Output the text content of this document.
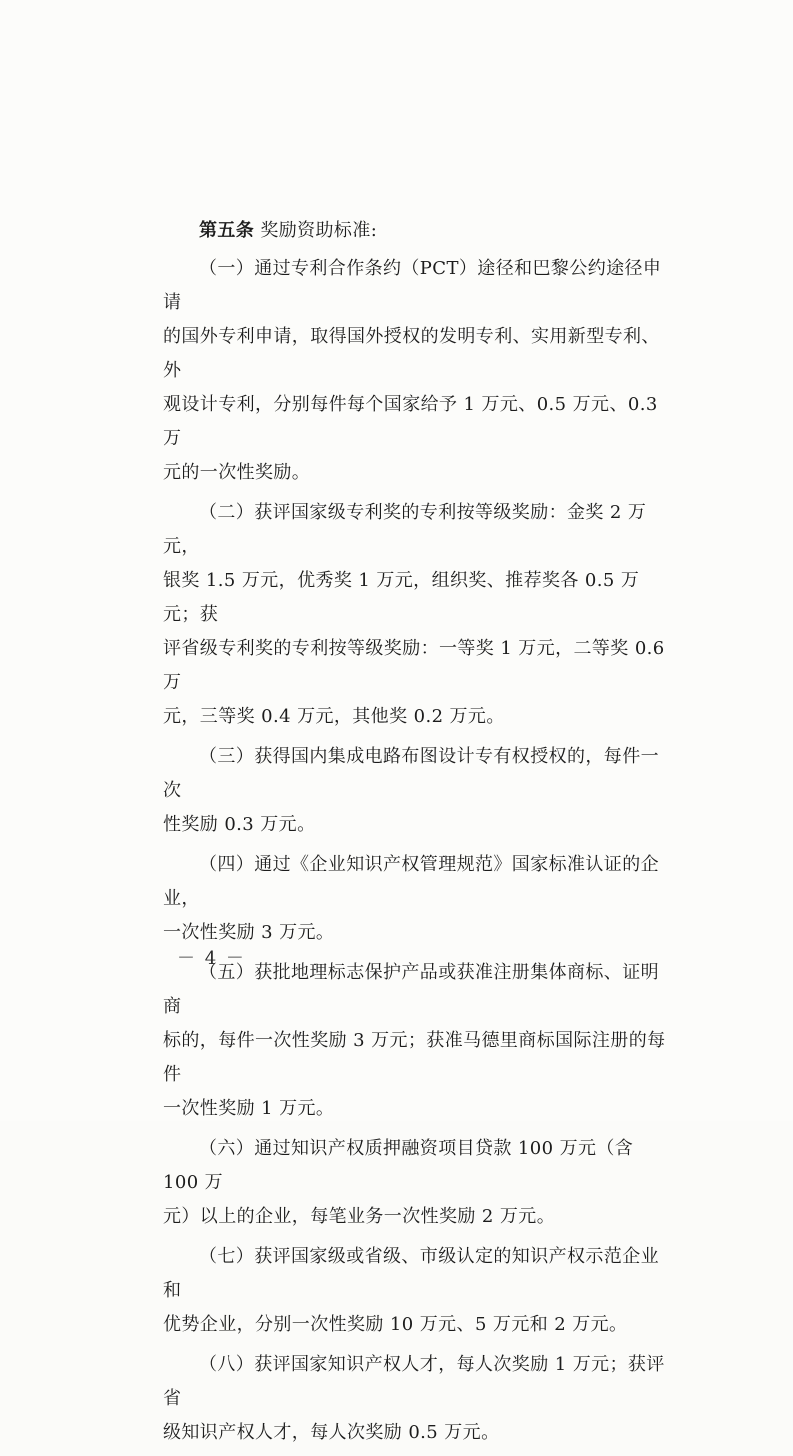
第五条 奖励资助标准:

（一）通过专利合作条约（PCT）途径和巴黎公约途径申请
的国外专利申请，取得国外授权的发明专利、实用新型专利、外
观设计专利，分别每件每个国家给予 1 万元、0.5 万元、0.3 万
元的一次性奖励。

（二）获评国家级专利奖的专利按等级奖励：金奖 2 万元，
银奖 1.5 万元，优秀奖 1 万元，组织奖、推荐奖各 0.5 万元；获
评省级专利奖的专利按等级奖励：一等奖 1 万元，二等奖 0.6 万
元，三等奖 0.4 万元，其他奖 0.2 万元。

（三）获得国内集成电路布图设计专有权授权的，每件一次
性奖励 0.3 万元。

（四）通过《企业知识产权管理规范》国家标准认证的企业，
一次性奖励 3 万元。

（五）获批地理标志保护产品或获准注册集体商标、证明商
标的，每件一次性奖励 3 万元；获准马德里商标国际注册的每件
一次性奖励 1 万元。

（六）通过知识产权质押融资项目贷款 100 万元（含 100 万
元）以上的企业，每笔业务一次性奖励 2 万元。

（七）获评国家级或省级、市级认定的知识产权示范企业和
优势企业，分别一次性奖励 10 万元、5 万元和 2 万元。

（八）获评国家知识产权人才，每人次奖励 1 万元；获评省
级知识产权人才，每人次奖励 0.5 万元。

－ 4 －
